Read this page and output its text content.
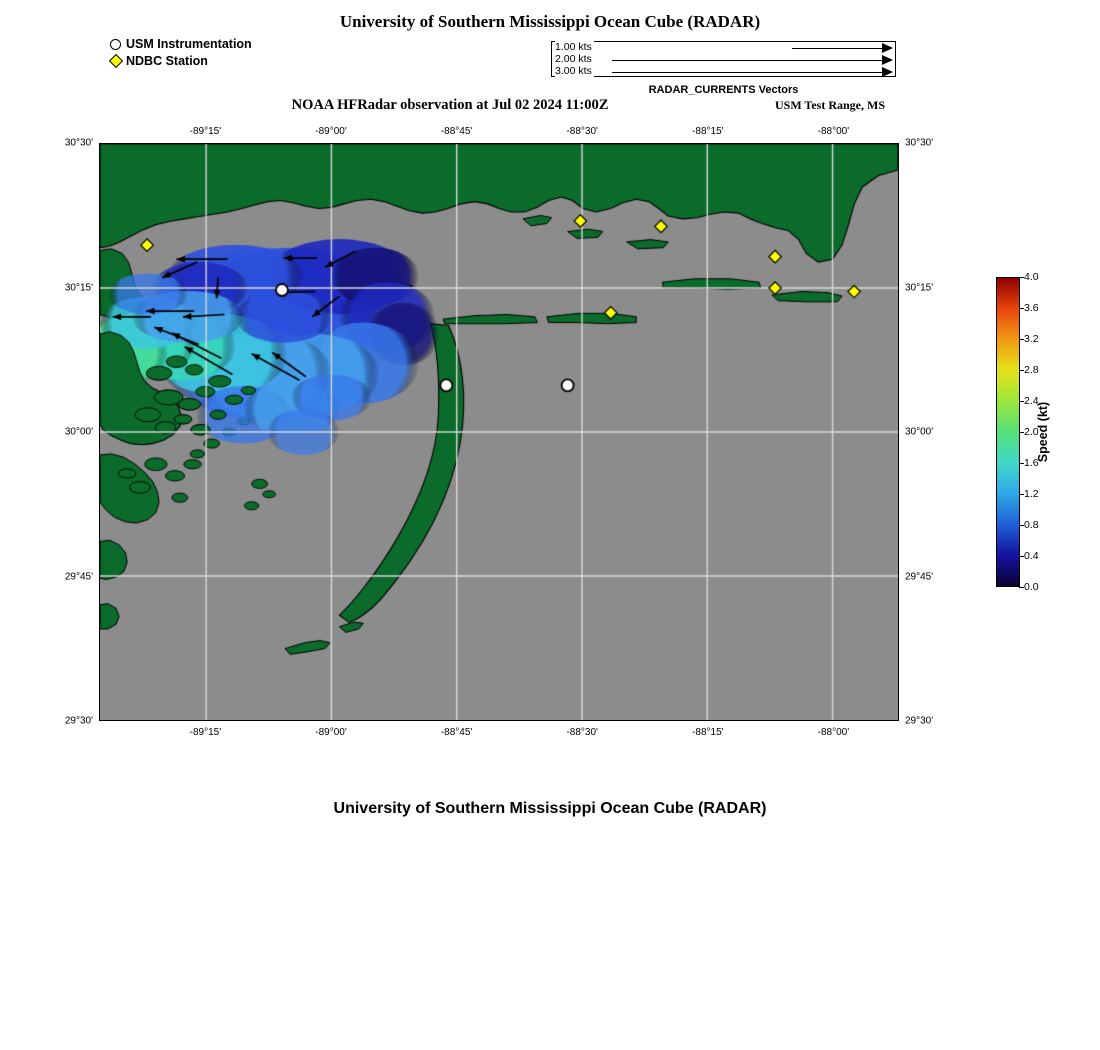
University of Southern Mississippi Ocean Cube (RADAR)
NOAA HFRadar observation at Jul 02 2024 11:00Z	USM Test Range, MS
University of Southern Mississippi Ocean Cube (RADAR)
USM Instrumentation
NDBC Station
1.00 kts
2.00 kts
3.00 kts
RADAR_CURRENTS Vectors
-89°15'
-89°15'
-89°00'
-89°00'
-88°45'
-88°45'
-88°30'
-88°30'
-88°15'
-88°15'
-88°00'
-88°00'
30°30'	30°30'
30°15'	30°15'
30°00'	30°00'
29°45'	29°45'
29°30'	29°30'
4.0
3.6
3.2
2.8
2.4
2.0
1.6
1.2
0.8
0.4
0.0
Speed (kt)
